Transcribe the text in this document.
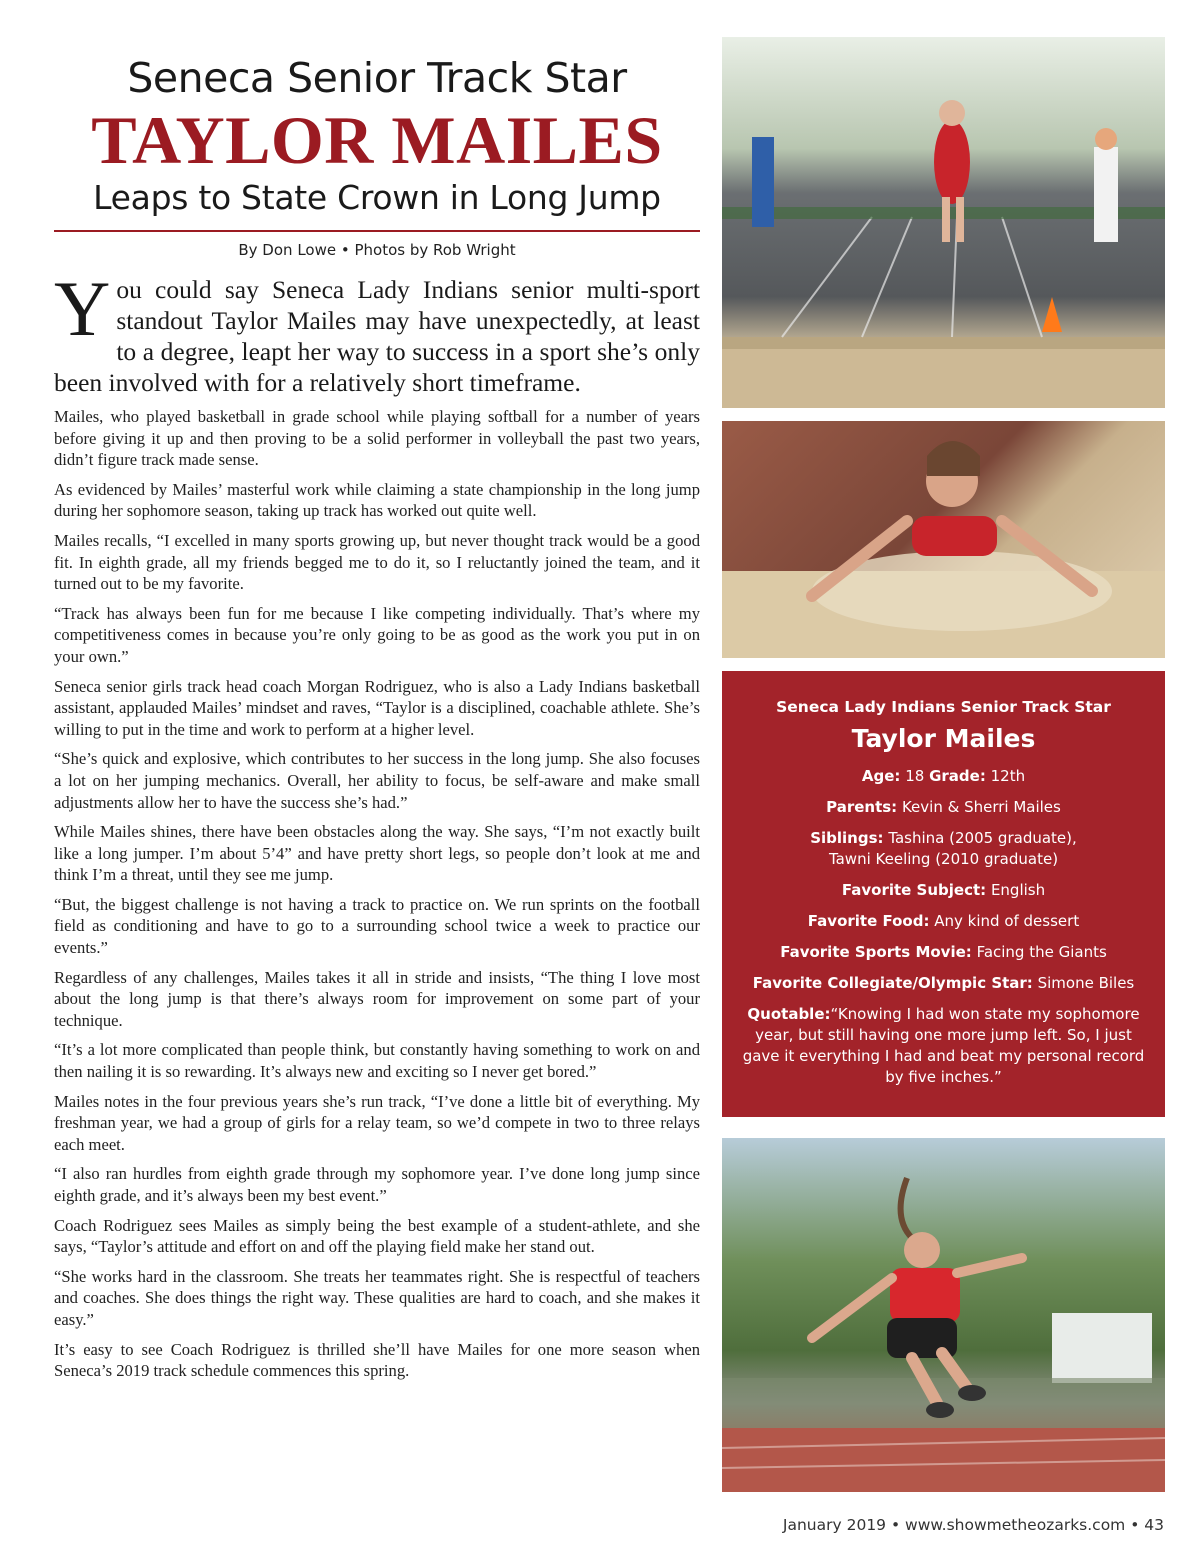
Seneca Senior Track Star
TAYLOR MAILES
Leaps to State Crown in Long Jump
By Don Lowe • Photos by Rob Wright
You could say Seneca Lady Indians senior multi-sport standout Taylor Mailes may have unexpectedly, at least to a degree, leapt her way to success in a sport she’s only been involved with for a relatively short timeframe.

Mailes, who played basketball in grade school while playing softball for a number of years before giving it up and then proving to be a solid performer in volleyball the past two years, didn’t figure track made sense.

As evidenced by Mailes’ masterful work while claiming a state championship in the long jump during her sophomore season, taking up track has worked out quite well.

Mailes recalls, “I excelled in many sports growing up, but never thought track would be a good fit. In eighth grade, all my friends begged me to do it, so I reluctantly joined the team, and it turned out to be my favorite.

“Track has always been fun for me because I like competing individually. That’s where my competitiveness comes in because you’re only going to be as good as the work you put in on your own.”

Seneca senior girls track head coach Morgan Rodriguez, who is also a Lady Indians basketball assistant, applauded Mailes’ mindset and raves, “Taylor is a disciplined, coachable athlete. She’s willing to put in the time and work to perform at a higher level.

“She’s quick and explosive, which contributes to her success in the long jump. She also focuses a lot on her jumping mechanics. Overall, her ability to focus, be self-aware and make small adjustments allow her to have the success she’s had.”

While Mailes shines, there have been obstacles along the way. She says, “I’m not exactly built like a long jumper. I’m about 5’4” and have pretty short legs, so people don’t look at me and think I’m a threat, until they see me jump.

“But, the biggest challenge is not having a track to practice on. We run sprints on the football field as conditioning and have to go to a surrounding school twice a week to practice our events.”

Regardless of any challenges, Mailes takes it all in stride and insists, “The thing I love most about the long jump is that there’s always room for improvement on some part of your technique.

“It’s a lot more complicated than people think, but constantly having something to work on and then nailing it is so rewarding. It’s always new and exciting so I never get bored.”

Mailes notes in the four previous years she’s run track, “I’ve done a little bit of everything. My freshman year, we had a group of girls for a relay team, so we’d compete in two to three relays each meet.

“I also ran hurdles from eighth grade through my sophomore year. I’ve done long jump since eighth grade, and it’s always been my best event.”

Coach Rodriguez sees Mailes as simply being the best example of a student-athlete, and she says, “Taylor’s attitude and effort on and off the playing field make her stand out.

“She works hard in the classroom. She treats her teammates right. She is respectful of teachers and coaches. She does things the right way. These qualities are hard to coach, and she makes it easy.”

It’s easy to see Coach Rodriguez is thrilled she’ll have Mailes for one more season when Seneca’s 2019 track schedule commences this spring.

Seneca Lady Indians Senior Track Star
Taylor Mailes
Age: 18 Grade: 12th
Parents: Kevin & Sherri Mailes
Siblings: Tashina (2005 graduate),
Tawni Keeling (2010 graduate)
Favorite Subject: English
Favorite Food: Any kind of dessert
Favorite Sports Movie: Facing the Giants
Favorite Collegiate/Olympic Star: Simone Biles
Quotable:“Knowing I had won state my sophomore year, but still having one more jump left. So, I just gave it everything I had and beat my personal record by five inches.”
January 2019 • www.showmetheozarks.com • 43
